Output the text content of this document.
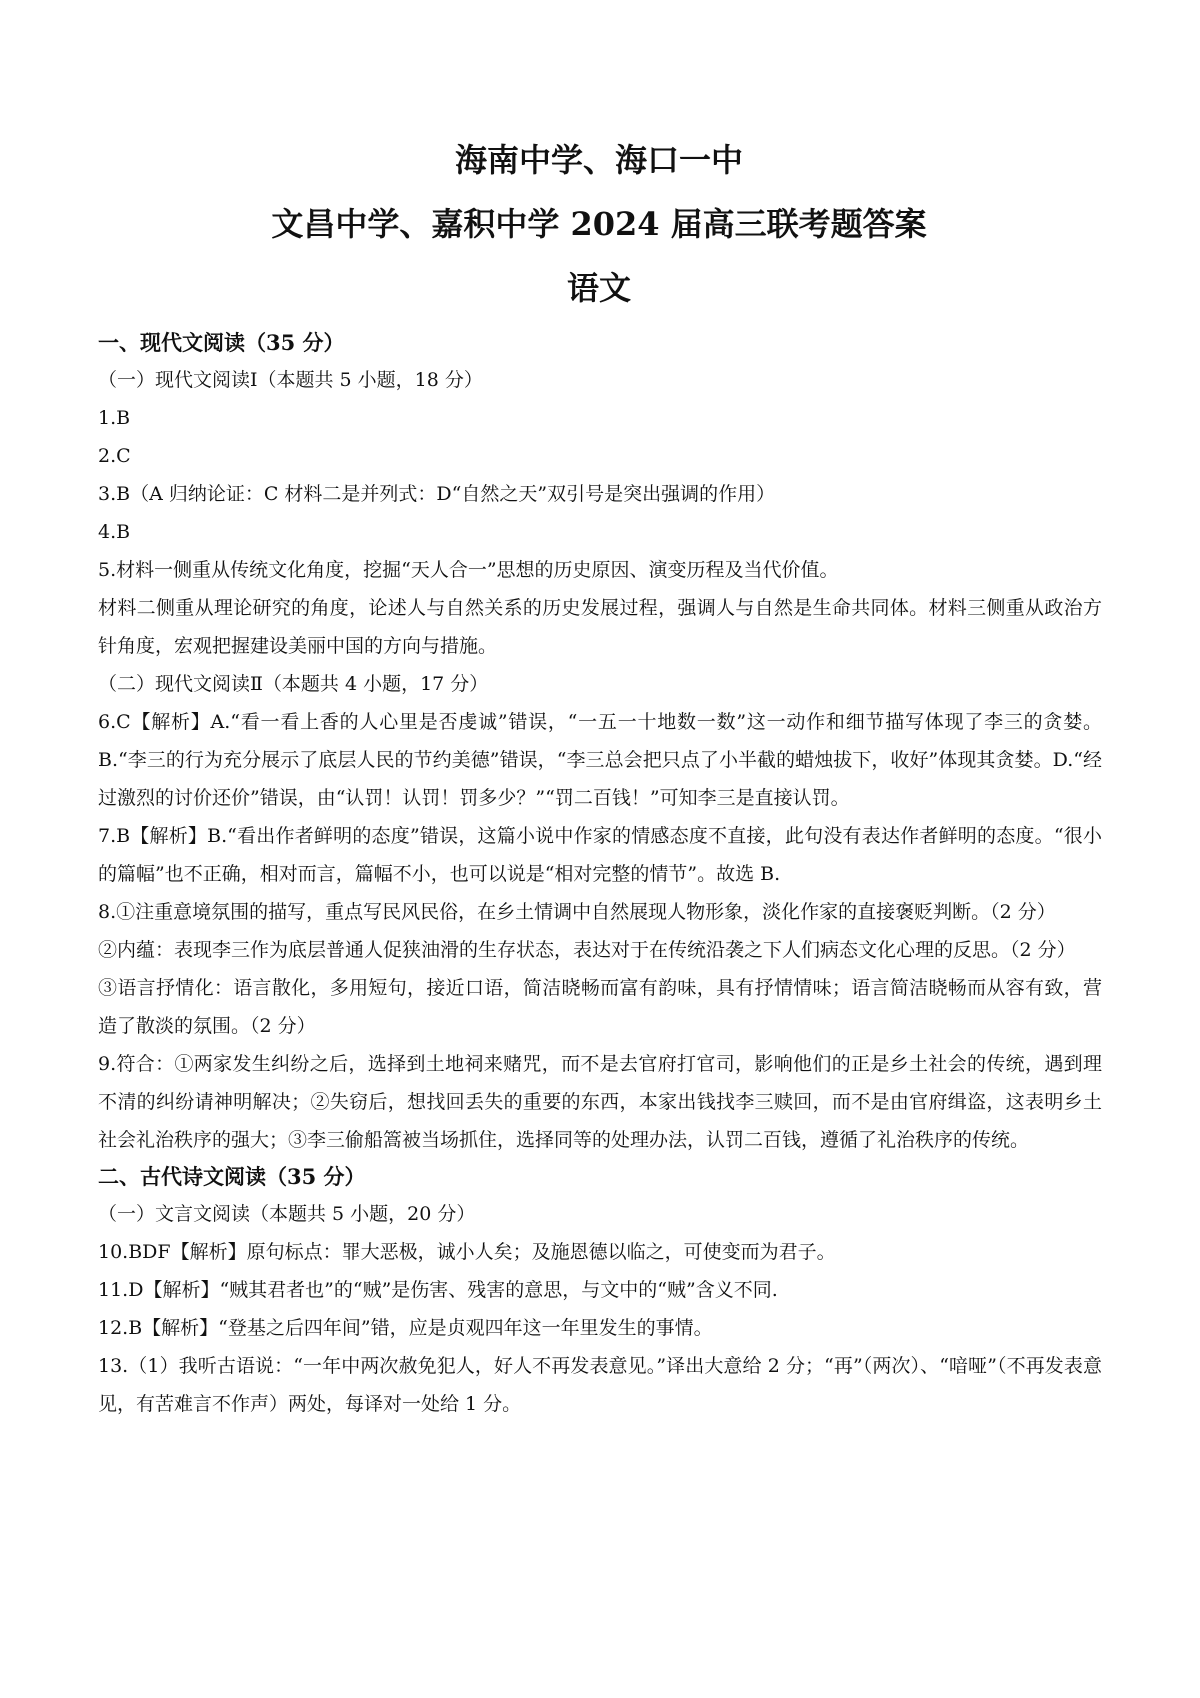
海南中学、海口一中
文昌中学、嘉积中学 2024 届高三联考题答案
语文

一、现代文阅读（35 分）

（一）现代文阅读Ⅰ（本题共 5 小题，18 分）

1.B

2.C

3.B（A 归纳论证：C 材料二是并列式：D“自然之天”双引号是突出强调的作用）

4.B

5.材料一侧重从传统文化角度，挖掘“天人合一”思想的历史原因、演变历程及当代价值。

材料二侧重从理论研究的角度，论述人与自然关系的历史发展过程，强调人与自然是生命共同体。材料三侧重从政治方针角度，宏观把握建设美丽中国的方向与措施。

（二）现代文阅读Ⅱ（本题共 4 小题，17 分）

6.C【解析】A.“看一看上香的人心里是否虔诚”错误，“一五一十地数一数”这一动作和细节描写体现了李三的贪婪。B.“李三的行为充分展示了底层人民的节约美德”错误，“李三总会把只点了小半截的蜡烛拔下，收好”体现其贪婪。D.“经过激烈的讨价还价”错误，由“认罚！认罚！罚多少？”“罚二百钱！”可知李三是直接认罚。

7.B【解析】B.“看出作者鲜明的态度”错误，这篇小说中作家的情感态度不直接，此句没有表达作者鲜明的态度。“很小的篇幅”也不正确，相对而言，篇幅不小，也可以说是“相对完整的情节”。故选 B.

8.①注重意境氛围的描写，重点写民风民俗，在乡土情调中自然展现人物形象，淡化作家的直接褒贬判断。（2 分）

②内蕴：表现李三作为底层普通人促狭油滑的生存状态，表达对于在传统沿袭之下人们病态文化心理的反思。（2 分）

③语言抒情化：语言散化，多用短句，接近口语，简洁晓畅而富有韵味，具有抒情情味；语言简洁晓畅而从容有致，营造了散淡的氛围。（2 分）

9.符合：①两家发生纠纷之后，选择到土地祠来赌咒，而不是去官府打官司，影响他们的正是乡土社会的传统，遇到理不清的纠纷请神明解决；②失窃后，想找回丢失的重要的东西，本家出钱找李三赎回，而不是由官府缉盗，这表明乡土社会礼治秩序的强大；③李三偷船篙被当场抓住，选择同等的处理办法，认罚二百钱，遵循了礼治秩序的传统。

二、古代诗文阅读（35 分）

（一）文言文阅读（本题共 5 小题，20 分）

10.BDF【解析】原句标点：罪大恶极，诚小人矣；及施恩德以临之，可使变而为君子。

11.D【解析】“贼其君者也”的“贼”是伤害、残害的意思，与文中的“贼”含义不同.

12.B【解析】“登基之后四年间”错，应是贞观四年这一年里发生的事情。

13.（1）我听古语说：“一年中两次赦免犯人，好人不再发表意见。”译出大意给 2 分；“再”（两次）、“喑哑”（不再发表意见，有苦难言不作声）两处，每译对一处给 1 分。
